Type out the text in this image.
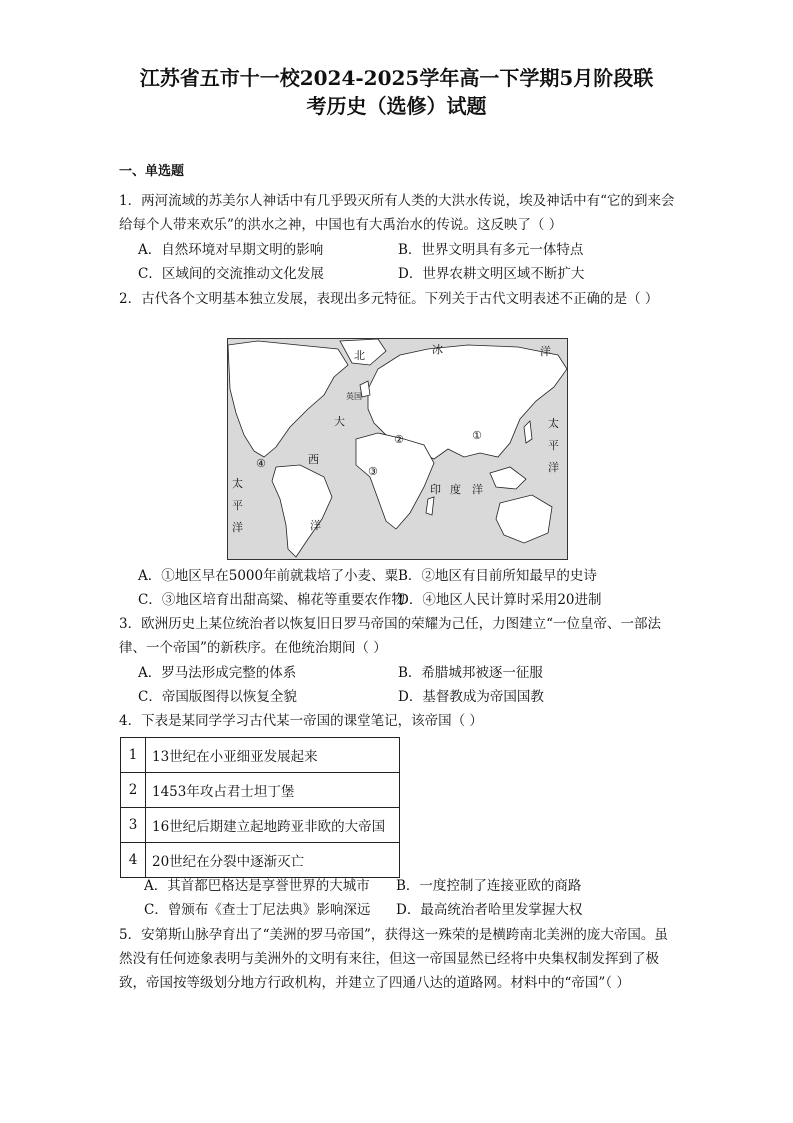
江苏省五市十一校2024-2025学年高一下学期5月阶段联
考历史（选修）试题
一、单选题
1．两河流域的苏美尔人神话中有几乎毁灭所有人类的大洪水传说，埃及神话中有“它的到来会给每个人带来欢乐”的洪水之神，中国也有大禹治水的传说。这反映了（ ）
A．自然环境对早期文明的影响	B．世界文明具有多元一体特点
C．区域间的交流推动文化发展	D．世界农耕文明区域不断扩大
2．古代各个文明基本独立发展，表现出多元特征。下列关于古代文明表述不正确的是（ ）
北	冰	洋
英国
大
西
洋
太
平
洋
印 度 洋
太
平
洋
①
②
③
④
A．①地区早在5000年前就栽培了小麦、粟 B．②地区有目前所知最早的史诗
C．③地区培育出甜高粱、棉花等重要农作物
D．④地区人民计算时采用20进制
3．欧洲历史上某位统治者以恢复旧日罗马帝国的荣耀为己任，力图建立“一位皇帝、一部法律、一个帝国”的新秩序。在他统治期间（ ）
A．罗马法形成完整的体系	B．希腊城邦被逐一征服
C．帝国版图得以恢复全貌	D．基督教成为帝国国教
4．下表是某同学学习古代某一帝国的课堂笔记，该帝国（ ）
1	13世纪在小亚细亚发展起来
2	1453年攻占君士坦丁堡
3	16世纪后期建立起地跨亚非欧的大帝国
4	20世纪在分裂中逐渐灭亡
A．其首都巴格达是享誉世界的大城市	B．一度控制了连接亚欧的商路
C．曾颁布《查士丁尼法典》影响深远	D．最高统治者哈里发掌握大权
5．安第斯山脉孕育出了“美洲的罗马帝国”，获得这一殊荣的是横跨南北美洲的庞大帝国。虽然没有任何迹象表明与美洲外的文明有来往，但这一帝国显然已经将中央集权制发挥到了极致，帝国按等级划分地方行政机构，并建立了四通八达的道路网。材料中的“帝国”（ ）
